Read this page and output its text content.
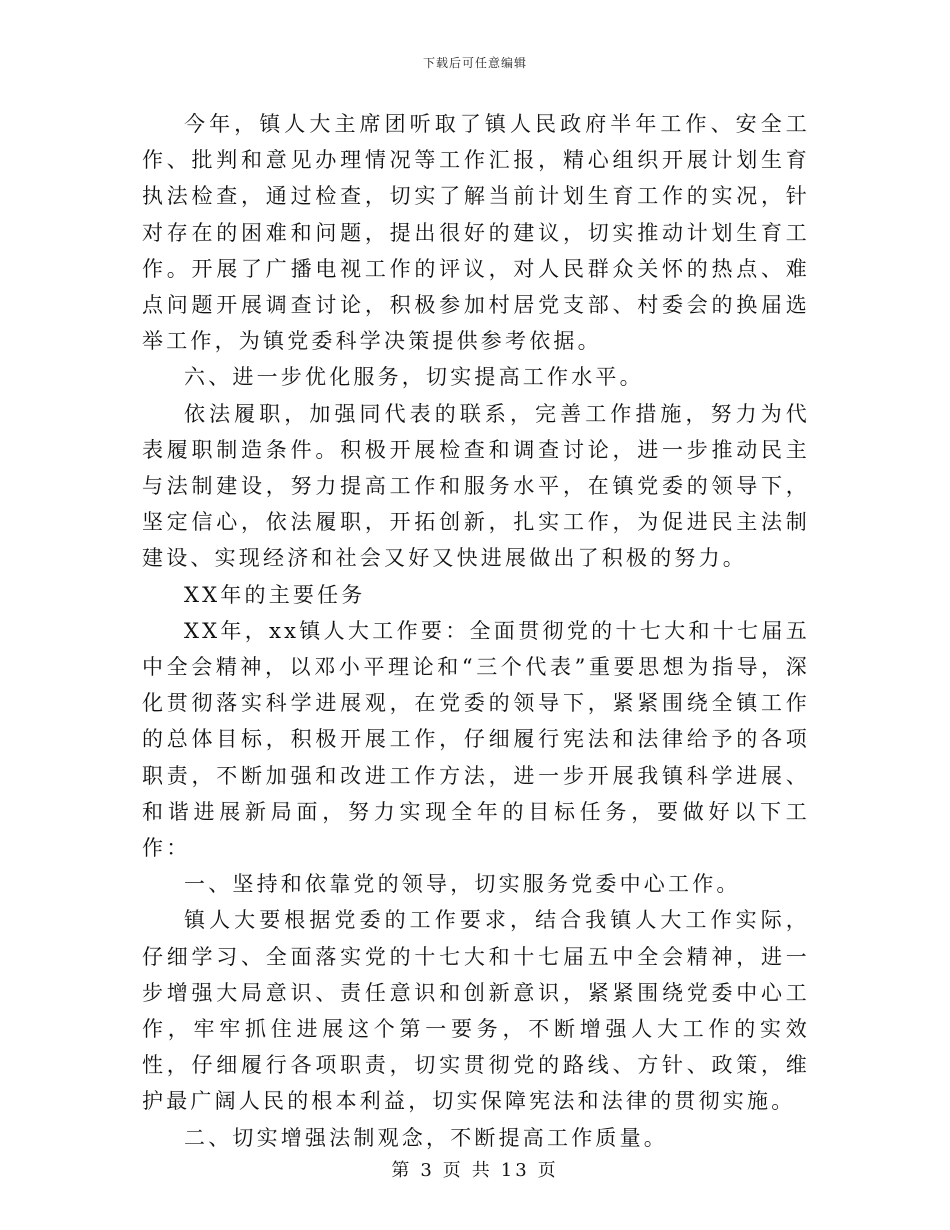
下载后可任意编辑

今年，镇人大主席团听取了镇人民政府半年工作、安全工作、批判和意见办理情况等工作汇报，精心组织开展计划生育执法检查，通过检查，切实了解当前计划生育工作的实况，针对存在的困难和问题，提出很好的建议，切实推动计划生育工作。开展了广播电视工作的评议，对人民群众关怀的热点、难点问题开展调查讨论，积极参加村居党支部、村委会的换届选举工作，为镇党委科学决策提供参考依据。

六、进一步优化服务，切实提高工作水平。

依法履职，加强同代表的联系，完善工作措施，努力为代表履职制造条件。积极开展检查和调查讨论，进一步推动民主与法制建设，努力提高工作和服务水平，在镇党委的领导下，坚定信心，依法履职，开拓创新，扎实工作，为促进民主法制建设、实现经济和社会又好又快进展做出了积极的努力。

XX年的主要任务

XX年，xx镇人大工作要：全面贯彻党的十七大和十七届五中全会精神，以邓小平理论和“三个代表”重要思想为指导，深化贯彻落实科学进展观，在党委的领导下，紧紧围绕全镇工作的总体目标，积极开展工作，仔细履行宪法和法律给予的各项职责，不断加强和改进工作方法，进一步开展我镇科学进展、和谐进展新局面，努力实现全年的目标任务，要做好以下工作：

一、坚持和依靠党的领导，切实服务党委中心工作。

镇人大要根据党委的工作要求，结合我镇人大工作实际，仔细学习、全面落实党的十七大和十七届五中全会精神，进一步增强大局意识、责任意识和创新意识，紧紧围绕党委中心工作，牢牢抓住进展这个第一要务，不断增强人大工作的实效性，仔细履行各项职责，切实贯彻党的路线、方针、政策，维护最广阔人民的根本利益，切实保障宪法和法律的贯彻实施。

二、切实增强法制观念，不断提高工作质量。

第 3 页 共 13 页
